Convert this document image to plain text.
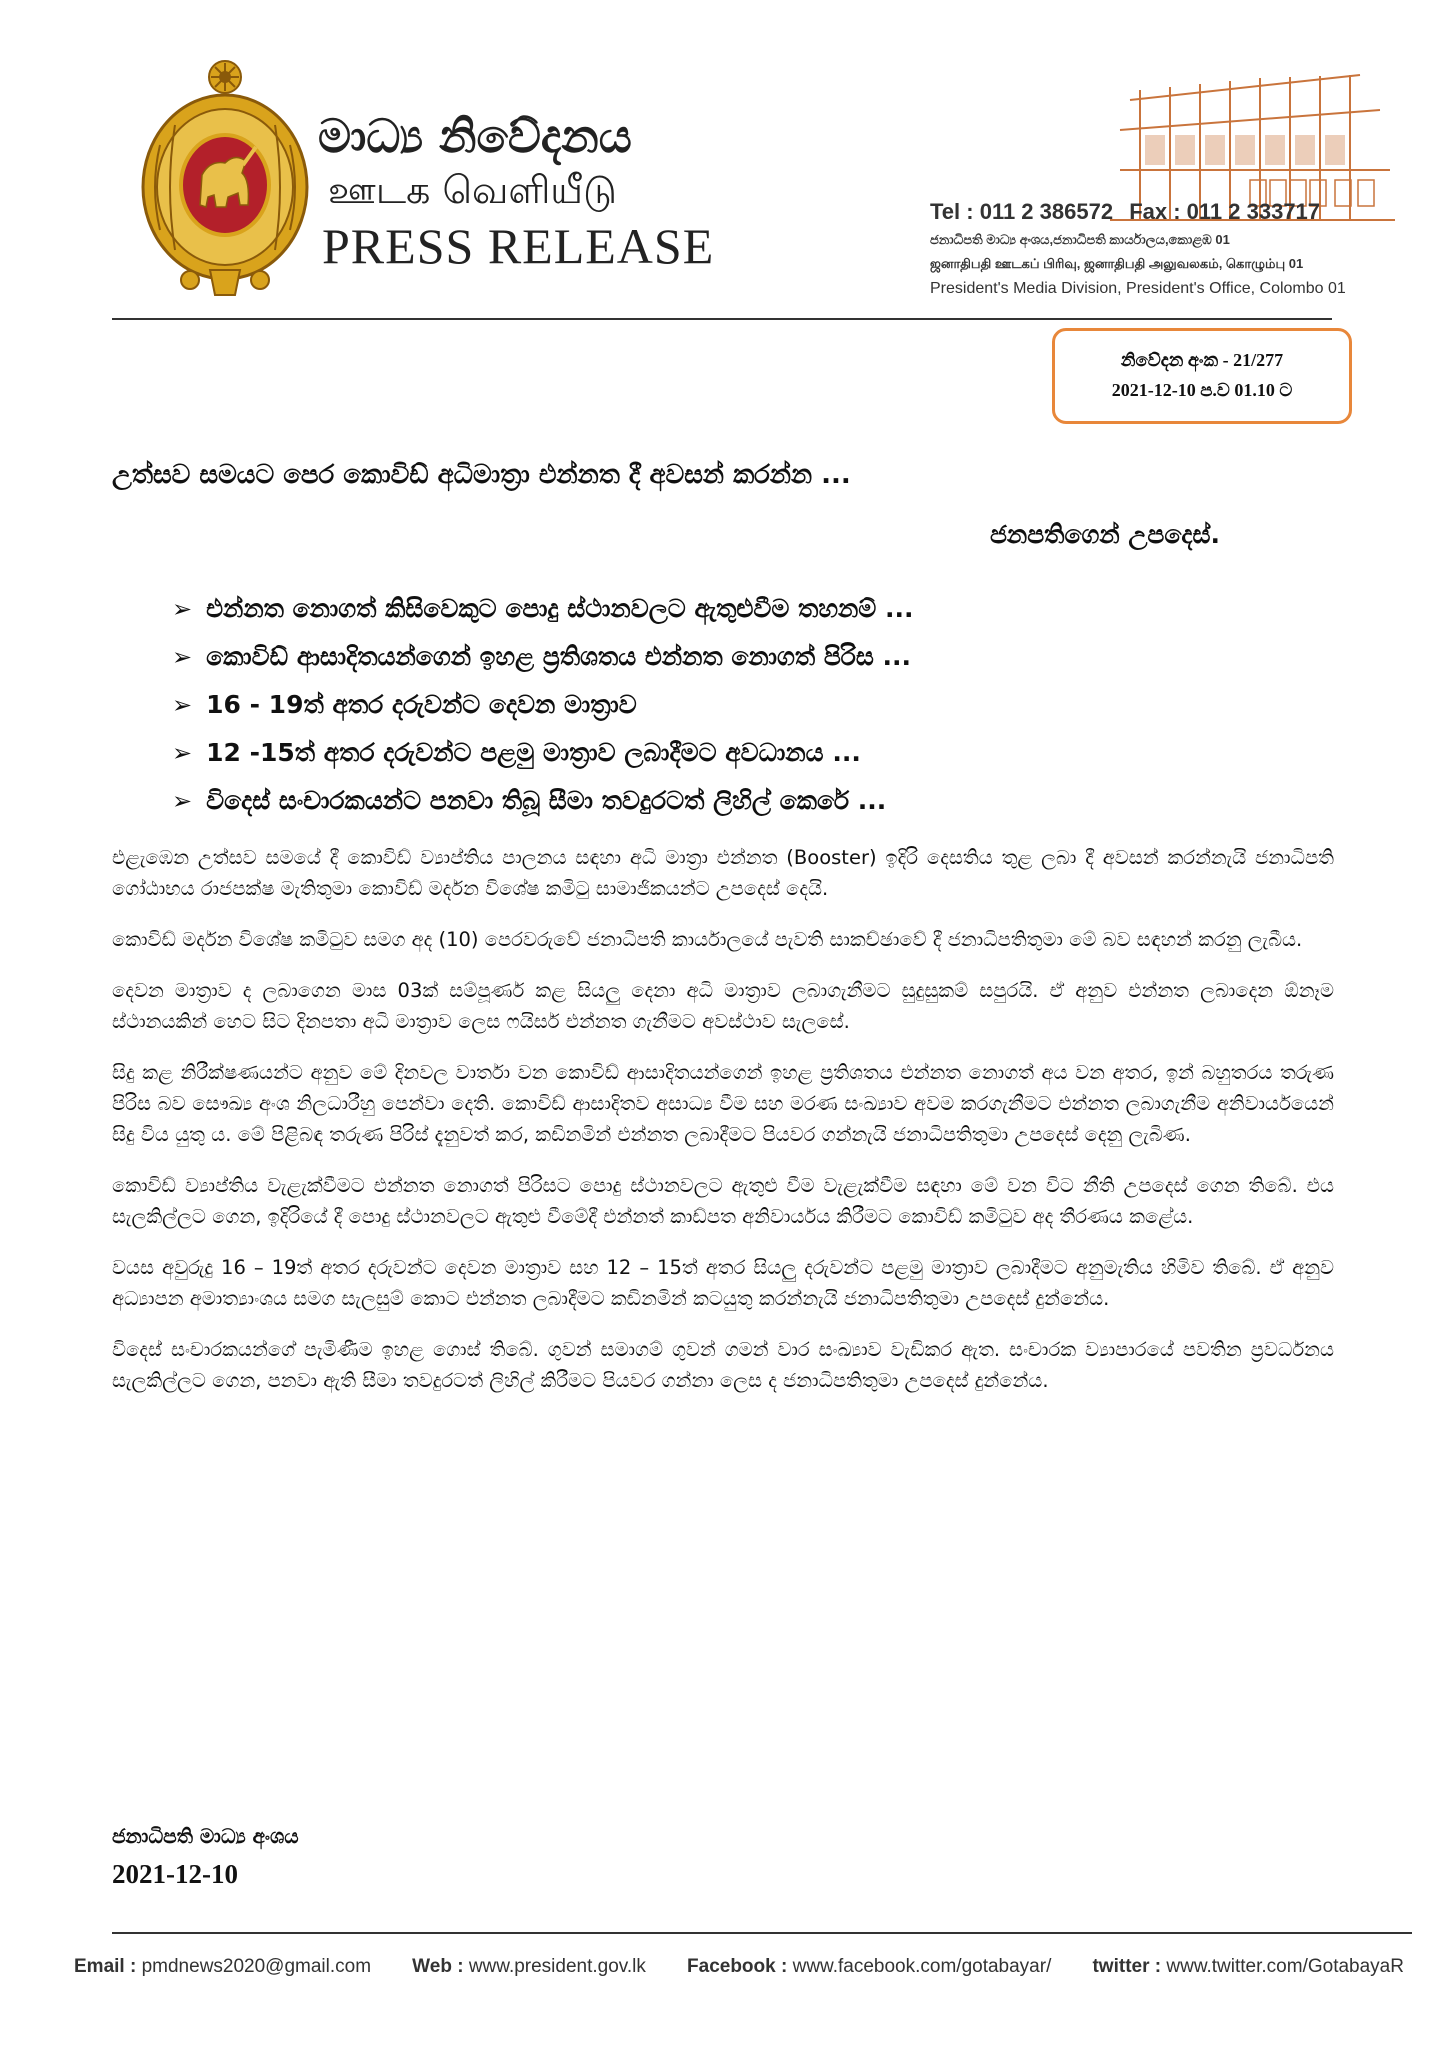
මාධ්‍ය නිවේදනය
ஊடக வெளியீடு
PRESS RELEASE
Tel : 011 2 386572 Fax : 011 2 333717
ජනාධිපති මාධ්‍ය අංශය,ජනාධිපති කාර්යාලය,කොළඹ 01
ஜனாதிபதி ஊடகப் பிரிவு, ஜனாதிபதி அலுவலகம், கொழும்பு 01
President's Media Division, President's Office, Colombo 01
නිවේදන අංක - 21/277
2021-12-10 ප.ව 01.10 ට
උත්සව සමයට පෙර කොවිඩ් අධිමාත්‍රා එන්නත දී අවසන් කරන්න ...
ජනපතිගෙන් උපදෙස්.
➢ එන්නත නොගත් කිසිවෙකුට පොදු ස්ථානවලට ඇතුළුවීම තහනම් ...
➢ කොවිඩ් ආසාදිතයන්ගෙන් ඉහළ ප්‍රතිශතය එන්නත නොගත් පිරිස ...
➢ 16 - 19ත් අතර දරුවන්ට දෙවන මාත්‍රාව
➢ 12 -15ත් අතර දරුවන්ට පළමු මාත්‍රාව ලබාදීමට අවධානය ...
➢ විදෙස් සංචාරකයන්ට පනවා තිබූ සීමා තවදුරටත් ලිහිල් කෙරේ ...

එළැඹෙන උත්සව සමයේ දී කොවිඩ් ව්‍යාප්තිය පාලනය සඳහා අධි මාත්‍රා එන්නත (Booster) ඉදිරි දෙසතිය තුළ ලබා දී අවසන් කරන්නැයි ජනාධිපති ගෝඨාභය රාජපක්ෂ මැතිතුමා කොවිඩ් මර්දන විශේෂ කමිටු සාමාජිකයන්ට උපදෙස් දෙයි.

කොවිඩ් මර්දන විශේෂ කමිටුව සමග අද (10) පෙරවරුවේ ජනාධිපති කාර්යාලයේ පැවති සාකච්ඡාවේ දී ජනාධිපතිතුමා මේ බව සඳහන් කරනු ලැබීය.

දෙවන මාත්‍රාව ද ලබාගෙන මාස 03ක් සම්පූර්ණ කළ සියලු දෙනා අධි මාත්‍රාව ලබාගැනීමට සුදුසුකම් සපුරයි. ඒ අනුව එන්නත ලබාදෙන ඕනෑම ස්ථානයකින් හෙට සිට දිනපතා අධි මාත්‍රාව ලෙස ෆයිසර් එන්නත ගැනීමට අවස්ථාව සැලසේ.

සිදු කළ නිරීක්ෂණයන්ට අනුව මේ දිනවල වාර්තා වන කොවිඩ් ආසාදිතයන්ගෙන් ඉහළ ප්‍රතිශතය එන්නත නොගත් අය වන අතර, ඉන් බහුතරය තරුණ පිරිස බව සෞඛ්‍ය අංශ නිලධාරීහු පෙන්වා දෙති. කොවිඩ් ආසාදිතව අසාධ්‍ය වීම සහ මරණ සංඛ්‍යාව අවම කරගැනීමට එන්නත ලබාගැනීම අනිවාර්යයෙන් සිදු විය යුතු ය. මේ පිළිබඳ තරුණ පිරිස් දැනුවත් කර, කඩිනමින් එන්නත ලබාදීමට පියවර ගන්නැයි ජනාධිපතිතුමා උපදෙස් දෙනු ලැබිණ.

කොවිඩ් ව්‍යාප්තිය වැළැක්වීමට එන්නත නොගත් පිරිසට පොදු ස්ථානවලට ඇතුළු වීම වැළැක්වීම සඳහා මේ වන විට නීති උපදෙස් ගෙන තිබේ. එය සැලකිල්ලට ගෙන, ඉදිරියේ දී පොදු ස්ථානවලට ඇතුළු වීමේදී එන්නත් කාඩ්පත අනිවාර්යය කිරීමට කොවිඩ් කමිටුව අද තීරණය කළේය.

වයස අවුරුදු 16 – 19ත් අතර දරුවන්ට දෙවන මාත්‍රාව සහ 12 – 15ත් අතර සියලු දරුවන්ට පළමු මාත්‍රාව ලබාදීමට අනුමැතිය හිමිව තිබේ. ඒ අනුව අධ්‍යාපන අමාත්‍යාංශය සමග සැලසුම් කොට එන්නත ලබාදීමට කඩිනමින් කටයුතු කරන්නැයි ජනාධිපතිතුමා උපදෙස් දුන්නේය.

විදෙස් සංචාරකයන්ගේ පැමිණීම ඉහළ ගොස් තිබේ. ගුවන් සමාගම් ගුවන් ගමන් වාර සංඛ්‍යාව වැඩිකර ඇත. සංචාරක ව්‍යාපාරයේ පවතින ප්‍රවර්ධනය සැලකිල්ලට ගෙන, පනවා ඇති සීමා තවදුරටත් ලිහිල් කිරීමට පියවර ගන්නා ලෙස ද ජනාධිපතිතුමා උපදෙස් දුන්නේය.

ජනාධිපති මාධ්‍ය අංශය
2021-12-10
Email : pmdnews2020@gmail.com Web : www.president.gov.lk Facebook : www.facebook.com/gotabayar/ twitter : www.twitter.com/GotabayaR
